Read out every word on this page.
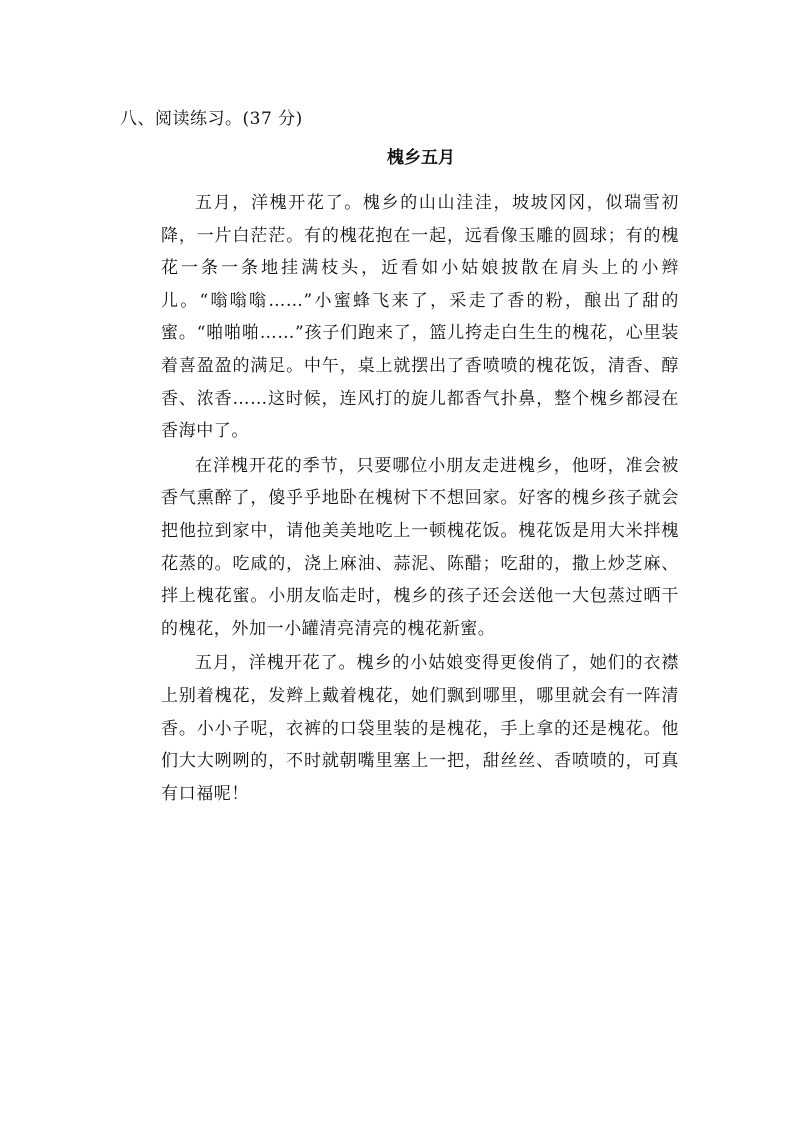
八、阅读练习。(37 分)
槐乡五月

五月，洋槐开花了。槐乡的山山洼洼，坡坡冈冈，似瑞雪初降，一片白茫茫。有的槐花抱在一起，远看像玉雕的圆球；有的槐花一条一条地挂满枝头，近看如小姑娘披散在肩头上的小辫儿。“嗡嗡嗡……”小蜜蜂飞来了，采走了香的粉，酿出了甜的蜜。“啪啪啪……”孩子们跑来了，篮儿挎走白生生的槐花，心里装着喜盈盈的满足。中午，桌上就摆出了香喷喷的槐花饭，清香、醇香、浓香……这时候，连风打的旋儿都香气扑鼻，整个槐乡都浸在香海中了。

在洋槐开花的季节，只要哪位小朋友走进槐乡，他呀，准会被香气熏醉了，傻乎乎地卧在槐树下不想回家。好客的槐乡孩子就会把他拉到家中，请他美美地吃上一顿槐花饭。槐花饭是用大米拌槐花蒸的。吃咸的，浇上麻油、蒜泥、陈醋；吃甜的，撒上炒芝麻、拌上槐花蜜。小朋友临走时，槐乡的孩子还会送他一大包蒸过晒干的槐花，外加一小罐清亮清亮的槐花新蜜。

五月，洋槐开花了。槐乡的小姑娘变得更俊俏了，她们的衣襟上别着槐花，发辫上戴着槐花，她们飘到哪里，哪里就会有一阵清香。小小子呢，衣裤的口袋里装的是槐花，手上拿的还是槐花。他们大大咧咧的，不时就朝嘴里塞上一把，甜丝丝、香喷喷的，可真有口福呢！
